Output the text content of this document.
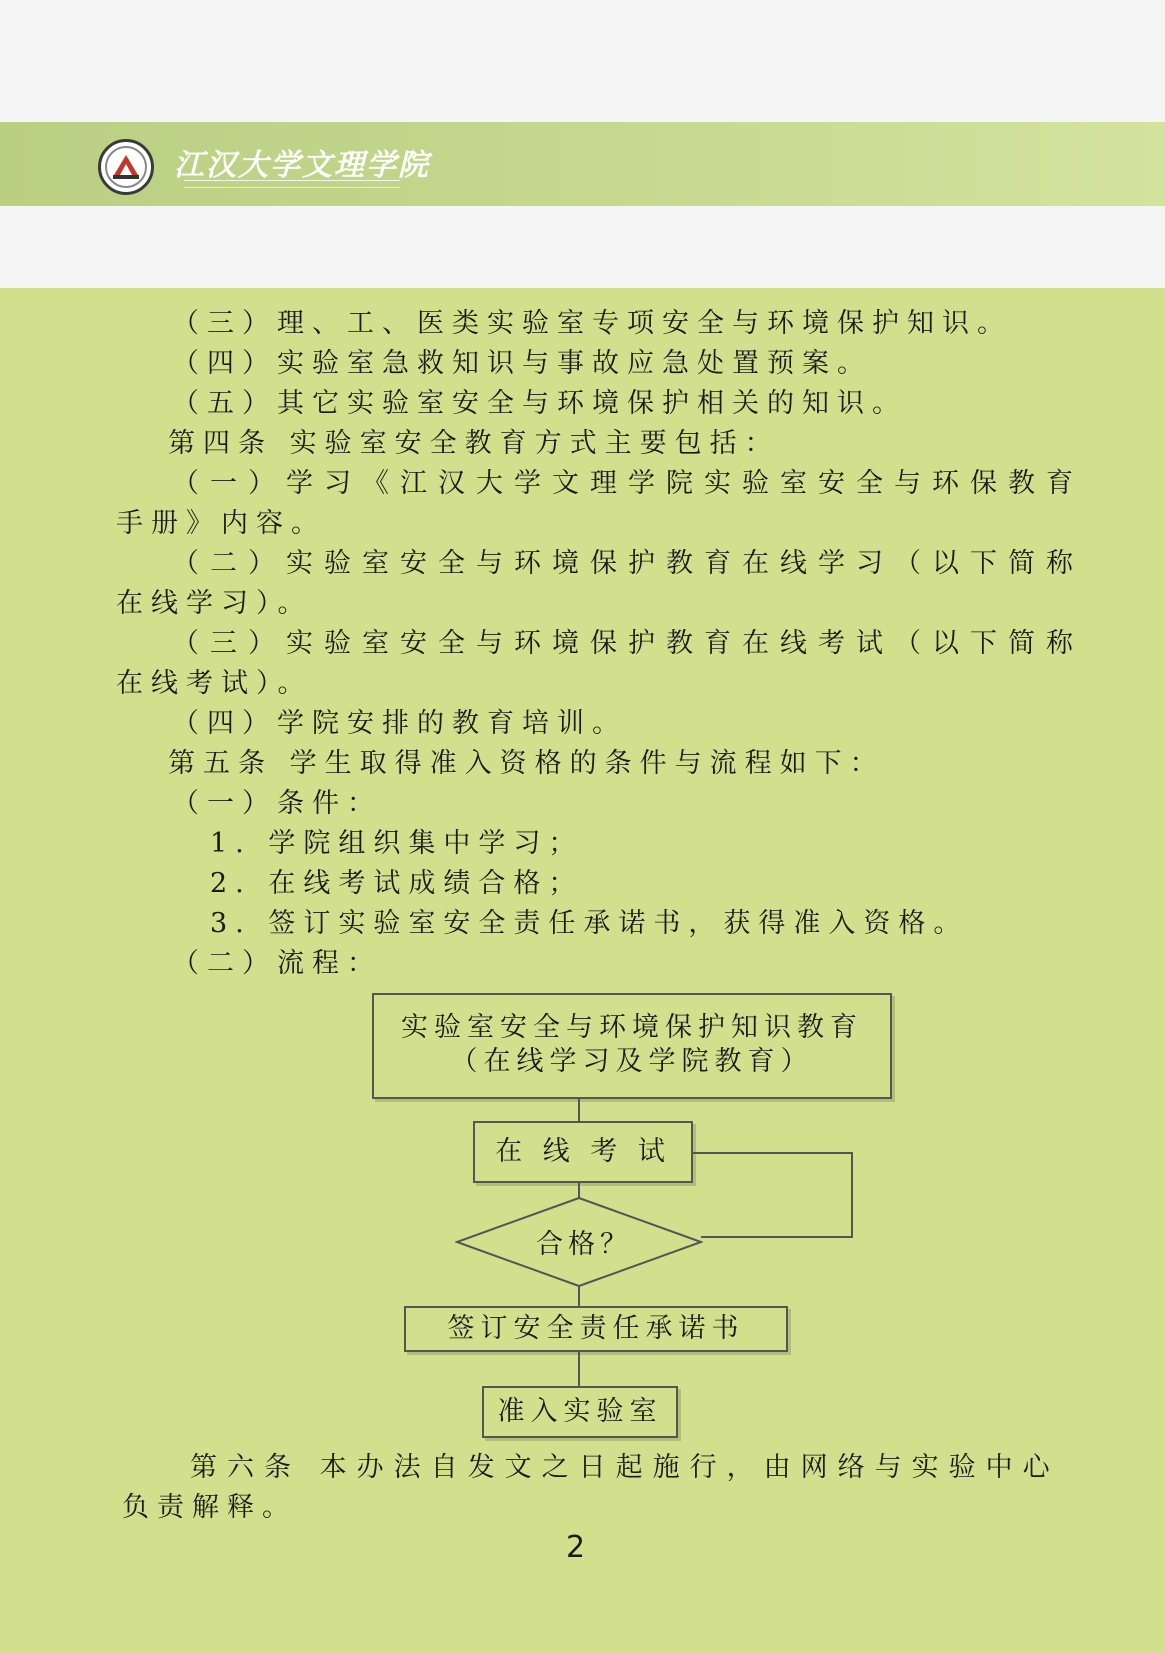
江汉大学文理学院
（三）理、工、医类实验室专项安全与环境保护知识。
（四）实验室急救知识与事故应急处置预案。
（五）其它实验室安全与环境保护相关的知识。
第四条 实验室安全教育方式主要包括：
（一）学习《江汉大学文理学院实验室安全与环保教育
手册》内容。
（二）实验室安全与环境保护教育在线学习（以下简称
在线学习）。
（三）实验室安全与环境保护教育在线考试（以下简称
在线考试）。
（四）学院安排的教育培训。
第五条 学生取得准入资格的条件与流程如下：
（一）条件：
1. 学院组织集中学习；
2. 在线考试成绩合格；
3. 签订实验室安全责任承诺书，获得准入资格。
（二）流程：
实验室安全与环境保护知识教育
（在线学习及学院教育）
在 线 考 试
合格？
签订安全责任承诺书
准入实验室
第六条 本办法自发文之日起施行，由网络与实验中心
负责解释。
2
